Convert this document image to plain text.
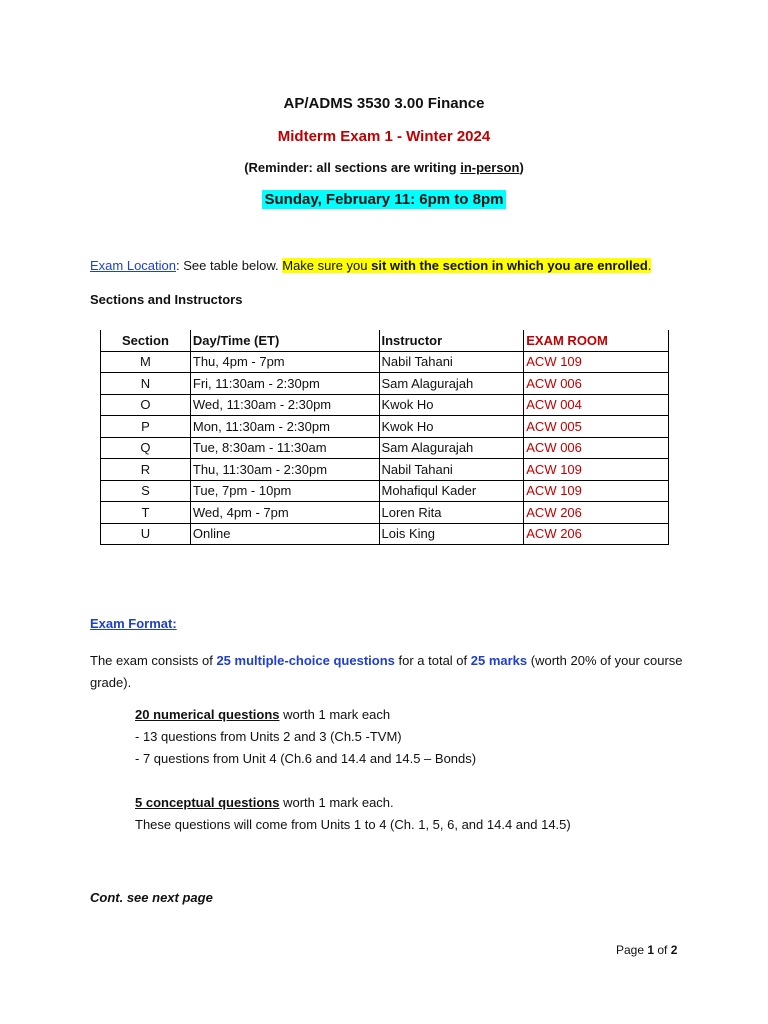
AP/ADMS 3530 3.00 Finance
Midterm Exam 1 - Winter 2024
(Reminder: all sections are writing in-person)
Sunday, February 11: 6pm to 8pm
Exam Location: See table below. Make sure you sit with the section in which you are enrolled.
Sections and Instructors
Section	Day/Time (ET)	Instructor	EXAM ROOM
M	Thu, 4pm - 7pm	Nabil Tahani	ACW 109
N	Fri, 11:30am - 2:30pm	Sam Alagurajah	ACW 006
O	Wed, 11:30am - 2:30pm	Kwok Ho	ACW 004
P	Mon, 11:30am - 2:30pm	Kwok Ho	ACW 005
Q	Tue, 8:30am - 11:30am	Sam Alagurajah	ACW 006
R	Thu, 11:30am - 2:30pm	Nabil Tahani	ACW 109
S	Tue, 7pm - 10pm	Mohafiqul Kader	ACW 109
T	Wed, 4pm - 7pm	Loren Rita	ACW 206
U	Online	Lois King	ACW 206
Exam Format:
The exam consists of 25 multiple-choice questions for a total of 25 marks (worth 20% of your course grade).
20 numerical questions worth 1 mark each
- 13 questions from Units 2 and 3 (Ch.5 -TVM)
- 7 questions from Unit 4 (Ch.6 and 14.4 and 14.5 – Bonds)
5 conceptual questions worth 1 mark each.
These questions will come from Units 1 to 4 (Ch. 1, 5, 6, and 14.4 and 14.5)
Cont. see next page
Page 1 of 2
